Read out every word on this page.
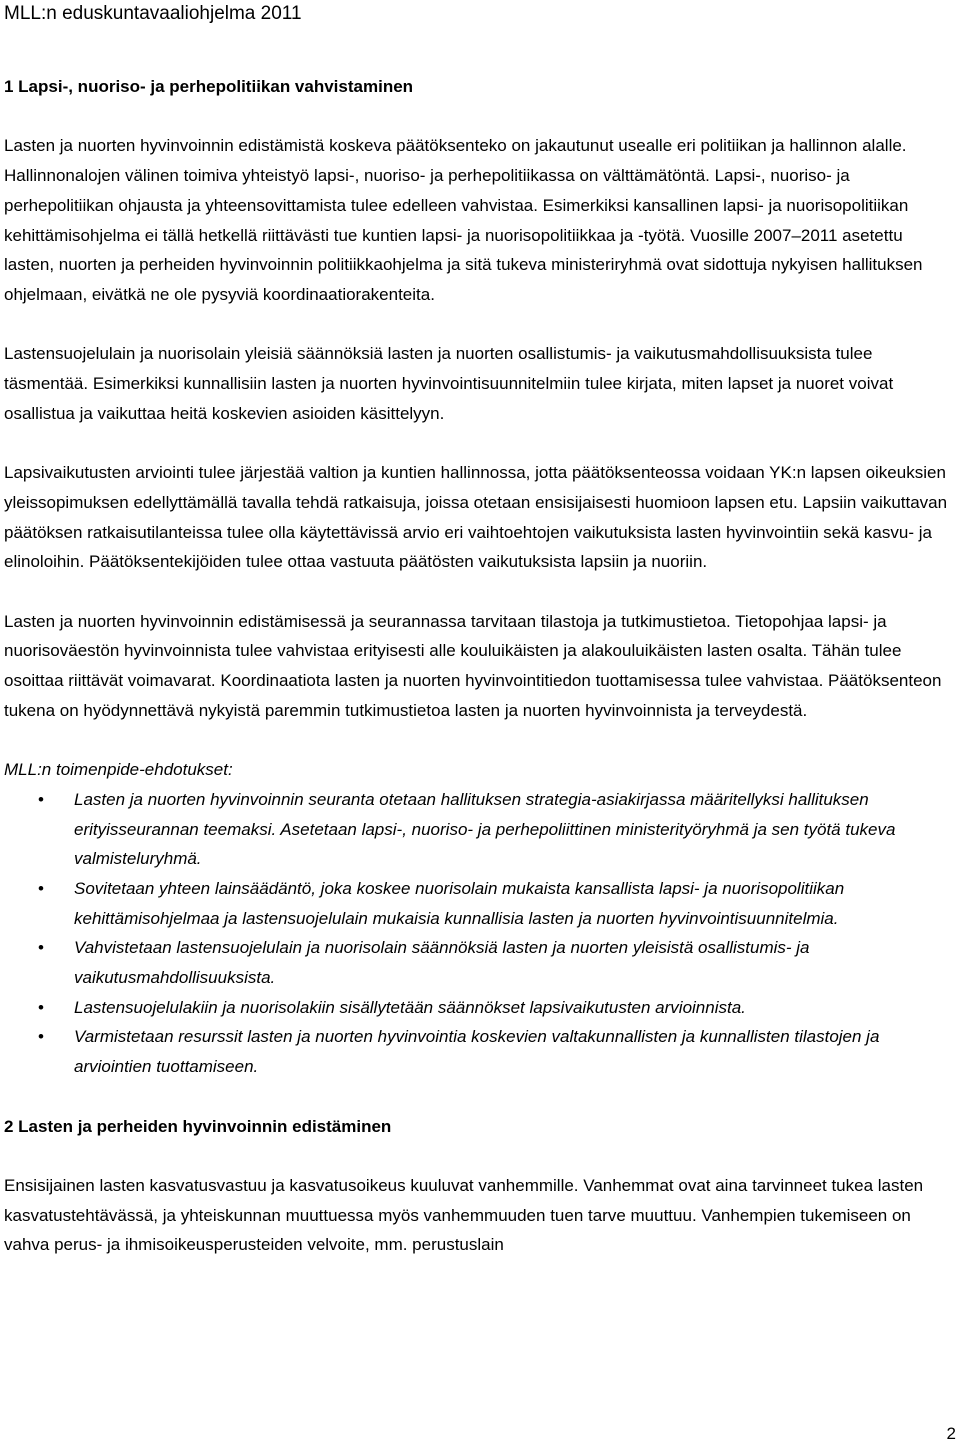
MLL:n eduskuntavaaliohjelma 2011
1 Lapsi-, nuoriso- ja perhepolitiikan vahvistaminen

Lasten ja nuorten hyvinvoinnin edistämistä koskeva päätöksenteko on jakautunut usealle eri politiikan ja hallinnon alalle. Hallinnonalojen välinen toimiva yhteistyö lapsi-, nuoriso- ja perhepolitiikassa on välttämätöntä. Lapsi-, nuoriso- ja perhepolitiikan ohjausta ja yhteensovittamista tulee edelleen vahvistaa. Esimerkiksi kansallinen lapsi- ja nuorisopolitiikan kehittämisohjelma ei tällä hetkellä riittävästi tue kuntien lapsi- ja nuorisopolitiikkaa ja -työtä. Vuosille 2007–2011 asetettu lasten, nuorten ja perheiden hyvinvoinnin politiikkaohjelma ja sitä tukeva ministeriryhmä ovat sidottuja nykyisen hallituksen ohjelmaan, eivätkä ne ole pysyviä koordinaatiorakenteita.

Lastensuojelulain ja nuorisolain yleisiä säännöksiä lasten ja nuorten osallistumis- ja vaikutusmahdollisuuksista tulee täsmentää. Esimerkiksi kunnallisiin lasten ja nuorten hyvinvointisuunnitelmiin tulee kirjata, miten lapset ja nuoret voivat osallistua ja vaikuttaa heitä koskevien asioiden käsittelyyn.

Lapsivaikutusten arviointi tulee järjestää valtion ja kuntien hallinnossa, jotta päätöksenteossa voidaan YK:n lapsen oikeuksien yleissopimuksen edellyttämällä tavalla tehdä ratkaisuja, joissa otetaan ensisijaisesti huomioon lapsen etu. Lapsiin vaikuttavan päätöksen ratkaisutilanteissa tulee olla käytettävissä arvio eri vaihtoehtojen vaikutuksista lasten hyvinvointiin sekä kasvu- ja elinoloihin. Päätöksentekijöiden tulee ottaa vastuuta päätösten vaikutuksista lapsiin ja nuoriin.

Lasten ja nuorten hyvinvoinnin edistämisessä ja seurannassa tarvitaan tilastoja ja tutkimustietoa. Tietopohjaa lapsi- ja nuorisoväestön hyvinvoinnista tulee vahvistaa erityisesti alle kouluikäisten ja alakouluikäisten lasten osalta. Tähän tulee osoittaa riittävät voimavarat. Koordinaatiota lasten ja nuorten hyvinvointitiedon tuottamisessa tulee vahvistaa. Päätöksenteon tukena on hyödynnettävä nykyistä paremmin tutkimustietoa lasten ja nuorten hyvinvoinnista ja terveydestä.

MLL:n toimenpide-ehdotukset:

• Lasten ja nuorten hyvinvoinnin seuranta otetaan hallituksen strategia-asiakirjassa määritellyksi hallituksen erityisseurannan teemaksi. Asetetaan lapsi-, nuoriso- ja perhepoliittinen ministerityöryhmä ja sen työtä tukeva valmisteluryhmä.
• Sovitetaan yhteen lainsäädäntö, joka koskee nuorisolain mukaista kansallista lapsi- ja nuorisopolitiikan kehittämisohjelmaa ja lastensuojelulain mukaisia kunnallisia lasten ja nuorten hyvinvointisuunnitelmia.
• Vahvistetaan lastensuojelulain ja nuorisolain säännöksiä lasten ja nuorten yleisistä osallistumis- ja vaikutusmahdollisuuksista.
• Lastensuojelulakiin ja nuorisolakiin sisällytetään säännökset lapsivaikutusten arvioinnista.
• Varmistetaan resurssit lasten ja nuorten hyvinvointia koskevien valtakunnallisten ja kunnallisten tilastojen ja arviointien tuottamiseen.
2 Lasten ja perheiden hyvinvoinnin edistäminen

Ensisijainen lasten kasvatusvastuu ja kasvatusoikeus kuuluvat vanhemmille. Vanhemmat ovat aina tarvinneet tukea lasten kasvatustehtävässä, ja yhteiskunnan muuttuessa myös vanhemmuuden tuen tarve muuttuu. Vanhempien tukemiseen on vahva perus- ja ihmisoikeusperusteiden velvoite, mm. perustuslain

2
